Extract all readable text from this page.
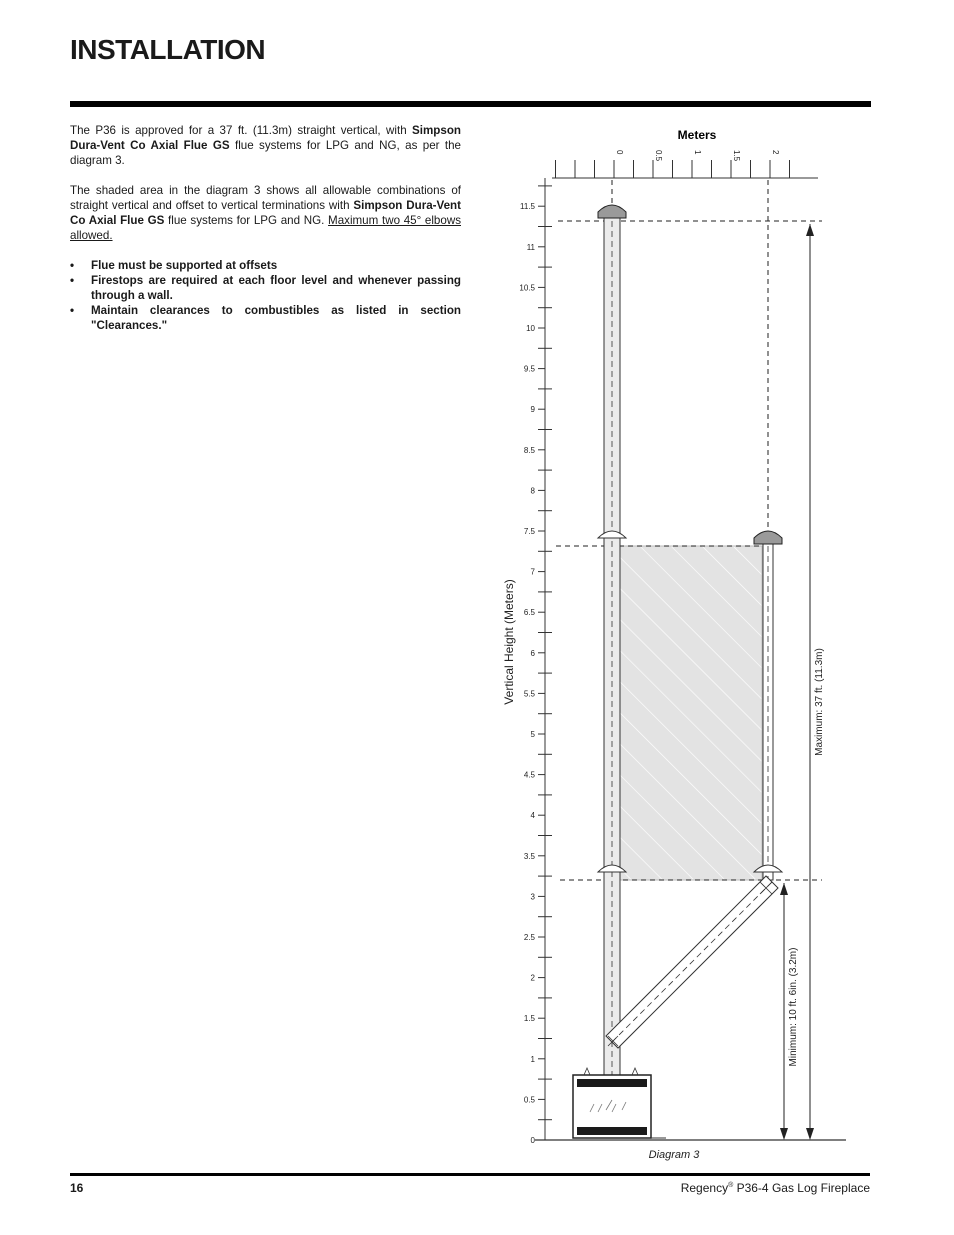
INSTALLATION

The P36 is approved for a 37 ft. (11.3m) straight vertical, with Simpson Dura-Vent Co Axial Flue GS flue systems for LPG and NG, as per the diagram 3.

The shaded area in the diagram 3 shows all allowable combinations of straight vertical and offset to vertical terminations with Simpson Dura-Vent Co Axial Flue GS flue systems for LPG and NG. Maximum two 45° elbows allowed.

• Flue must be supported at offsets
• Firestops are required at each floor level and whenever passing through a wall.
• Maintain clearances to combustibles as listed in section "Clearances."
Meters
0	0.5	1	1.5	2
0
0.5
1
1.5
2
2.5
3
3.5
4
4.5
5
5.5
6
6.5
7
7.5
8
8.5
9
9.5
10
10.5
11
11.5
Vertical Height (Meters)	Maximum: 37 ft. (11.3m)
Minimum: 10 ft. 6in. (3.2m)
Diagram 3
16	Regency® P36-4 Gas Log Fireplace
